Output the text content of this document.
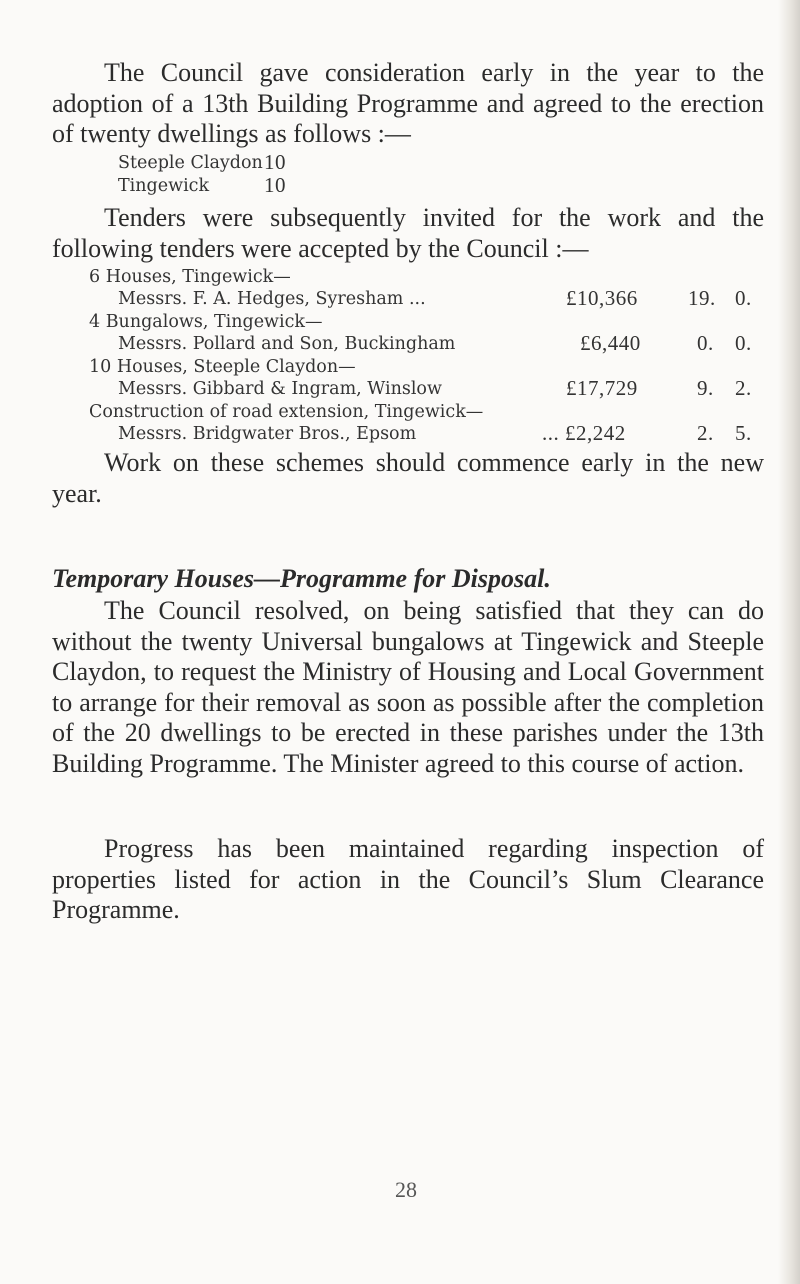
The Council gave consideration early in the year to the adoption of a 13th Building Programme and agreed to the erection of twenty dwellings as follows :—

Steeple Claydon 10
Tingewick	10

Tenders were subsequently invited for the work and the following tenders were accepted by the Council :—

6 Houses, Tingewick—
Messrs. F. A. Hedges, Syresham ...	£10,366 19. 0.
4 Bungalows, Tingewick—
Messrs. Pollard and Son, Buckingham	£6,440	0. 0.
10 Houses, Steeple Claydon—
Messrs. Gibbard & Ingram, Winslow	£17,729	9. 2.
Construction of road extension, Tingewick—
Messrs. Bridgwater Bros., Epsom	... £2,242	2. 5.

Work on these schemes should commence early in the new year.

Temporary Houses—Programme for Disposal.

The Council resolved, on being satisfied that they can do without the twenty Universal bungalows at Tingewick and Steeple Claydon, to request the Ministry of Housing and Local Government to arrange for their removal as soon as possible after the completion of the 20 dwellings to be erected in these parishes under the 13th Building Programme. The Minister agreed to this course of action.

Progress has been maintained regarding inspection of properties listed for action in the Council’s Slum Clearance Programme.

28
